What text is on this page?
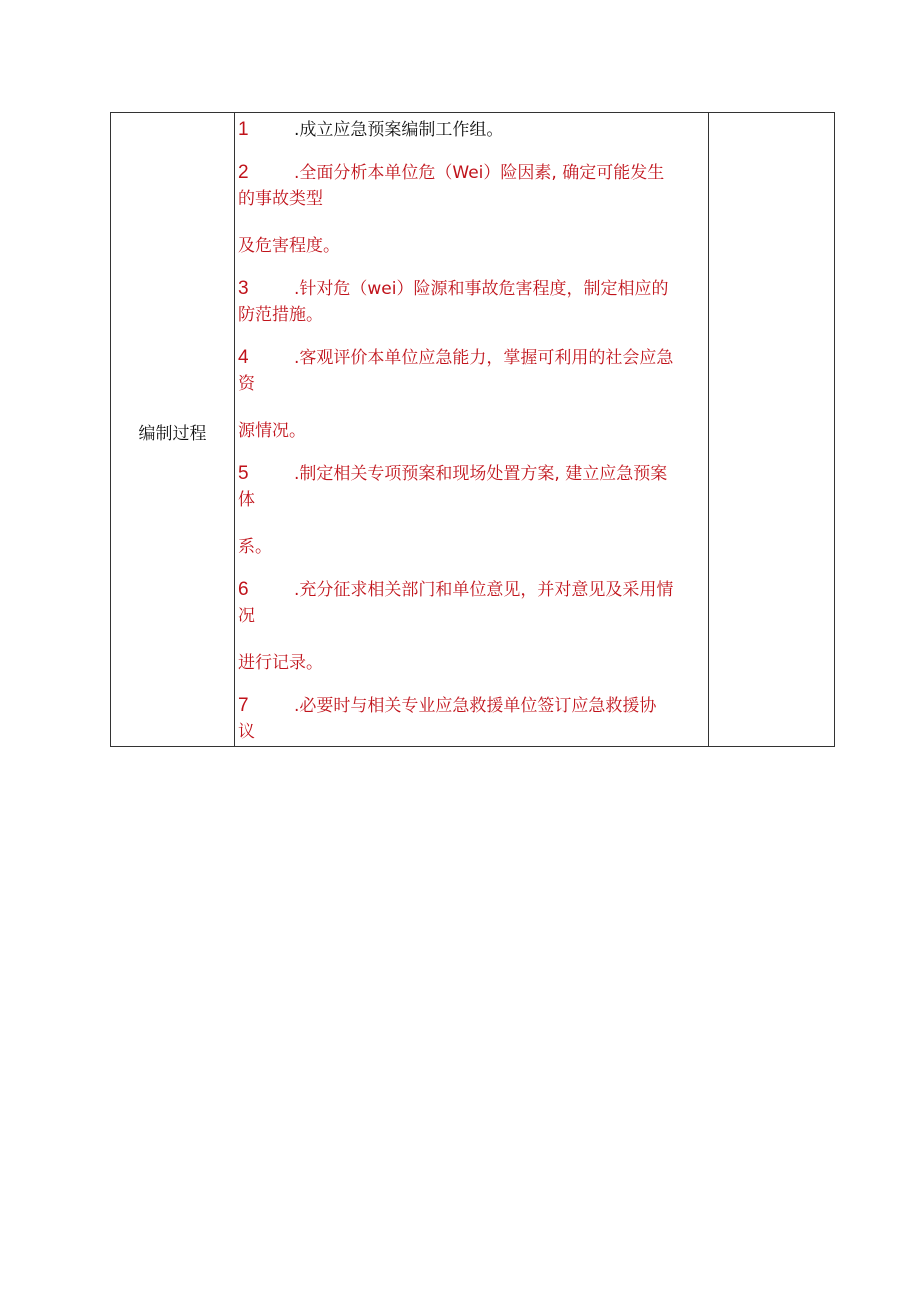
编制过程
1	.成立应急预案编制工作组。
2	.全面分析本单位危（Wei）险因素, 确定可能发生
的事故类型
及危害程度。
3	.针对危（wei）险源和事故危害程度，制定相应的
防范措施。
4	.客观评价本单位应急能力，掌握可利用的社会应急
资
源情况。
5	.制定相关专项预案和现场处置方案, 建立应急预案
体
系。
6	.充分征求相关部门和单位意见，并对意见及采用情
况
进行记录。
7	.必要时与相关专业应急救援单位签订应急救援协
议
